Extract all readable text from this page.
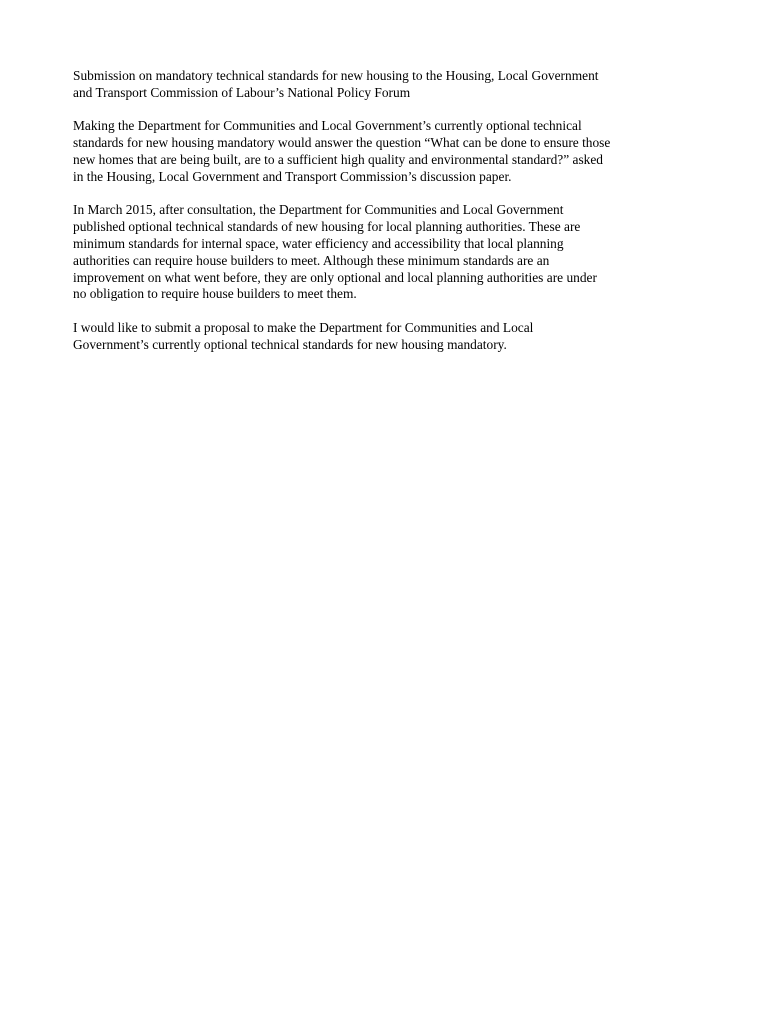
Submission on mandatory technical standards for new housing to the Housing, Local Government
and Transport Commission of Labour’s National Policy Forum

Making the Department for Communities and Local Government’s currently optional technical
standards for new housing mandatory would answer the question “What can be done to ensure those
new homes that are being built, are to a sufficient high quality and environmental standard?” asked
in the Housing, Local Government and Transport Commission’s discussion paper.

In March 2015, after consultation, the Department for Communities and Local Government
published optional technical standards of new housing for local planning authorities. These are
minimum standards for internal space, water efficiency and accessibility that local planning
authorities can require house builders to meet. Although these minimum standards are an
improvement on what went before, they are only optional and local planning authorities are under
no obligation to require house builders to meet them.

I would like to submit a proposal to make the Department for Communities and Local
Government’s currently optional technical standards for new housing mandatory.
